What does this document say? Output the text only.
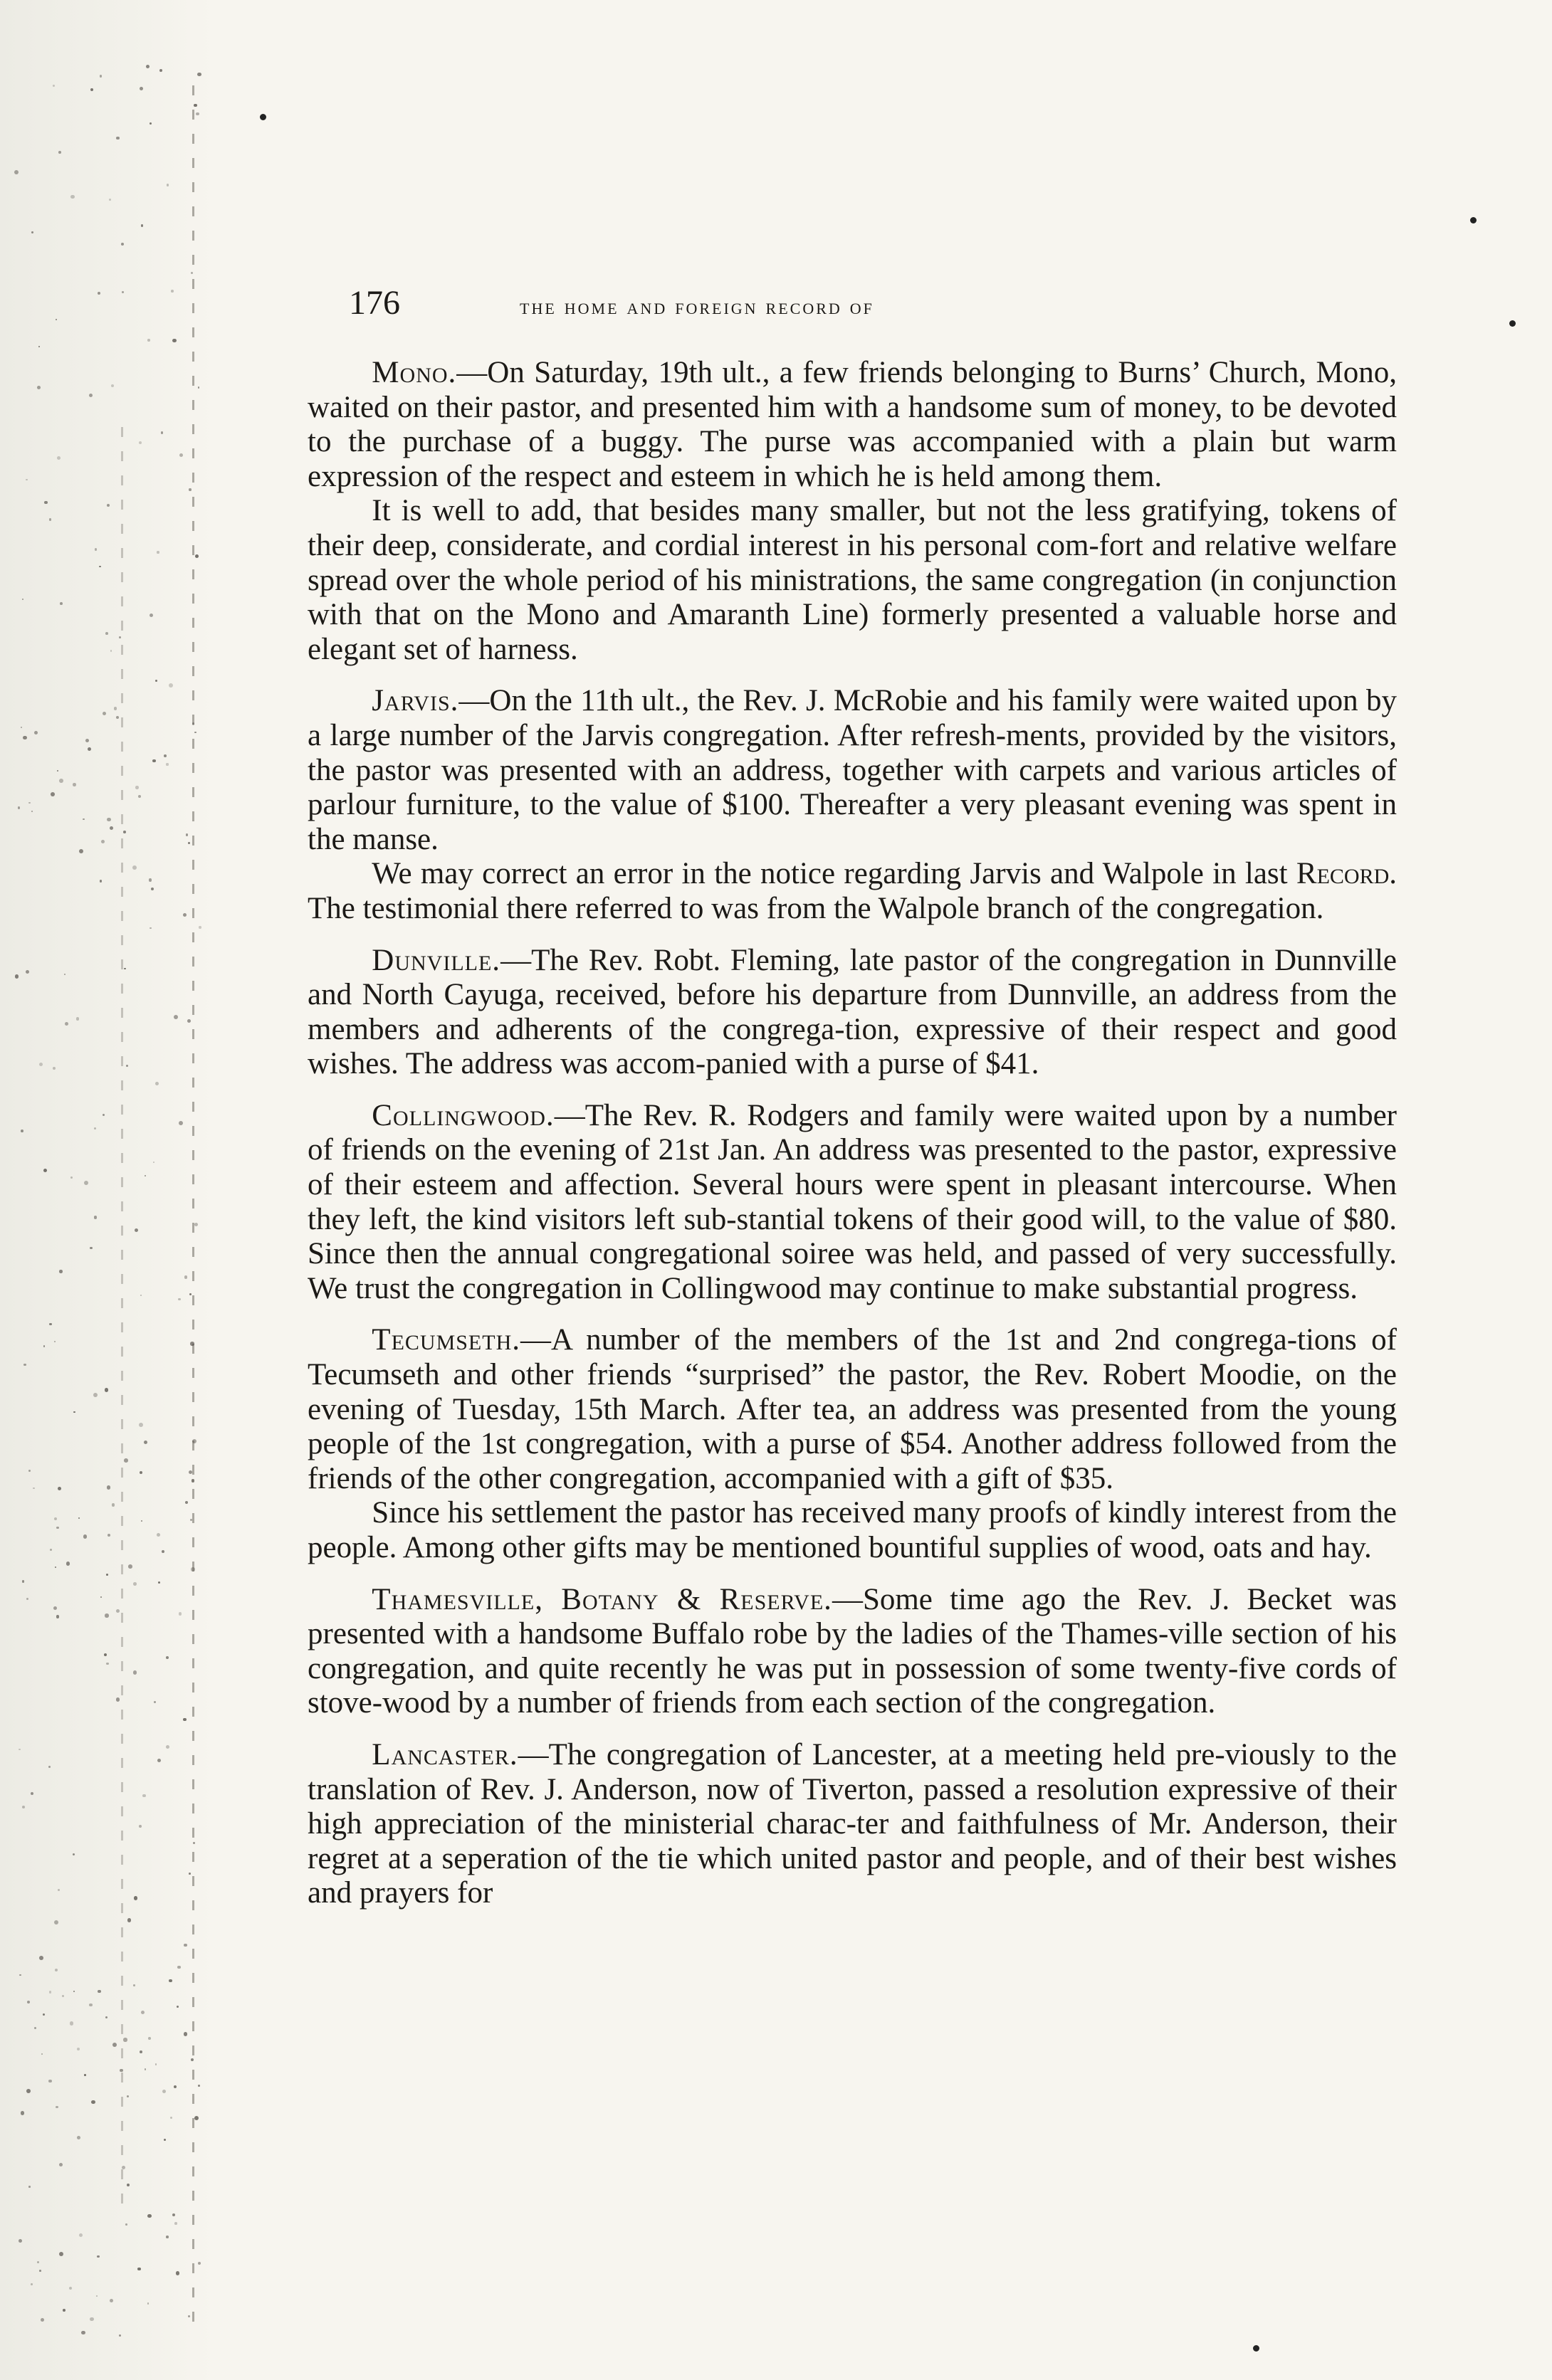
176	the home and foreign record of

Mono.—On Saturday, 19th ult., a few friends belonging to Burns’ Church, Mono, waited on their pastor, and presented him with a handsome sum of money, to be devoted to the purchase of a buggy. The purse was accompanied with a plain but warm expression of the respect and esteem in which he is held among them.

It is well to add, that besides many smaller, but not the less gratifying, tokens of their deep, considerate, and cordial interest in his personal com-fort and relative welfare spread over the whole period of his ministrations, the same congregation (in conjunction with that on the Mono and Amaranth Line) formerly presented a valuable horse and elegant set of harness.

Jarvis.—On the 11th ult., the Rev. J. McRobie and his family were waited upon by a large number of the Jarvis congregation. After refresh-ments, provided by the visitors, the pastor was presented with an address, together with carpets and various articles of parlour furniture, to the value of $100. Thereafter a very pleasant evening was spent in the manse.

We may correct an error in the notice regarding Jarvis and Walpole in last Record. The testimonial there referred to was from the Walpole branch of the congregation.

Dunville.—The Rev. Robt. Fleming, late pastor of the congregation in Dunnville and North Cayuga, received, before his departure from Dunnville, an address from the members and adherents of the congrega-tion, expressive of their respect and good wishes. The address was accom-panied with a purse of $41.

Collingwood.—The Rev. R. Rodgers and family were waited upon by a number of friends on the evening of 21st Jan. An address was presented to the pastor, expressive of their esteem and affection. Several hours were spent in pleasant intercourse. When they left, the kind visitors left sub-stantial tokens of their good will, to the value of $80. Since then the annual congregational soiree was held, and passed of very successfully. We trust the congregation in Collingwood may continue to make substantial progress.

Tecumseth.—A number of the members of the 1st and 2nd congrega-tions of Tecumseth and other friends “surprised” the pastor, the Rev. Robert Moodie, on the evening of Tuesday, 15th March. After tea, an address was presented from the young people of the 1st congregation, with a purse of $54. Another address followed from the friends of the other congregation, accompanied with a gift of $35.

Since his settlement the pastor has received many proofs of kindly interest from the people. Among other gifts may be mentioned bountiful supplies of wood, oats and hay.

Thamesville, Botany & Reserve.—Some time ago the Rev. J. Becket was presented with a handsome Buffalo robe by the ladies of the Thames-ville section of his congregation, and quite recently he was put in possession of some twenty-five cords of stove-wood by a number of friends from each section of the congregation.

Lancaster.—The congregation of Lancester, at a meeting held pre-viously to the translation of Rev. J. Anderson, now of Tiverton, passed a resolution expressive of their high appreciation of the ministerial charac-ter and faithfulness of Mr. Anderson, their regret at a seperation of the tie which united pastor and people, and of their best wishes and prayers for
